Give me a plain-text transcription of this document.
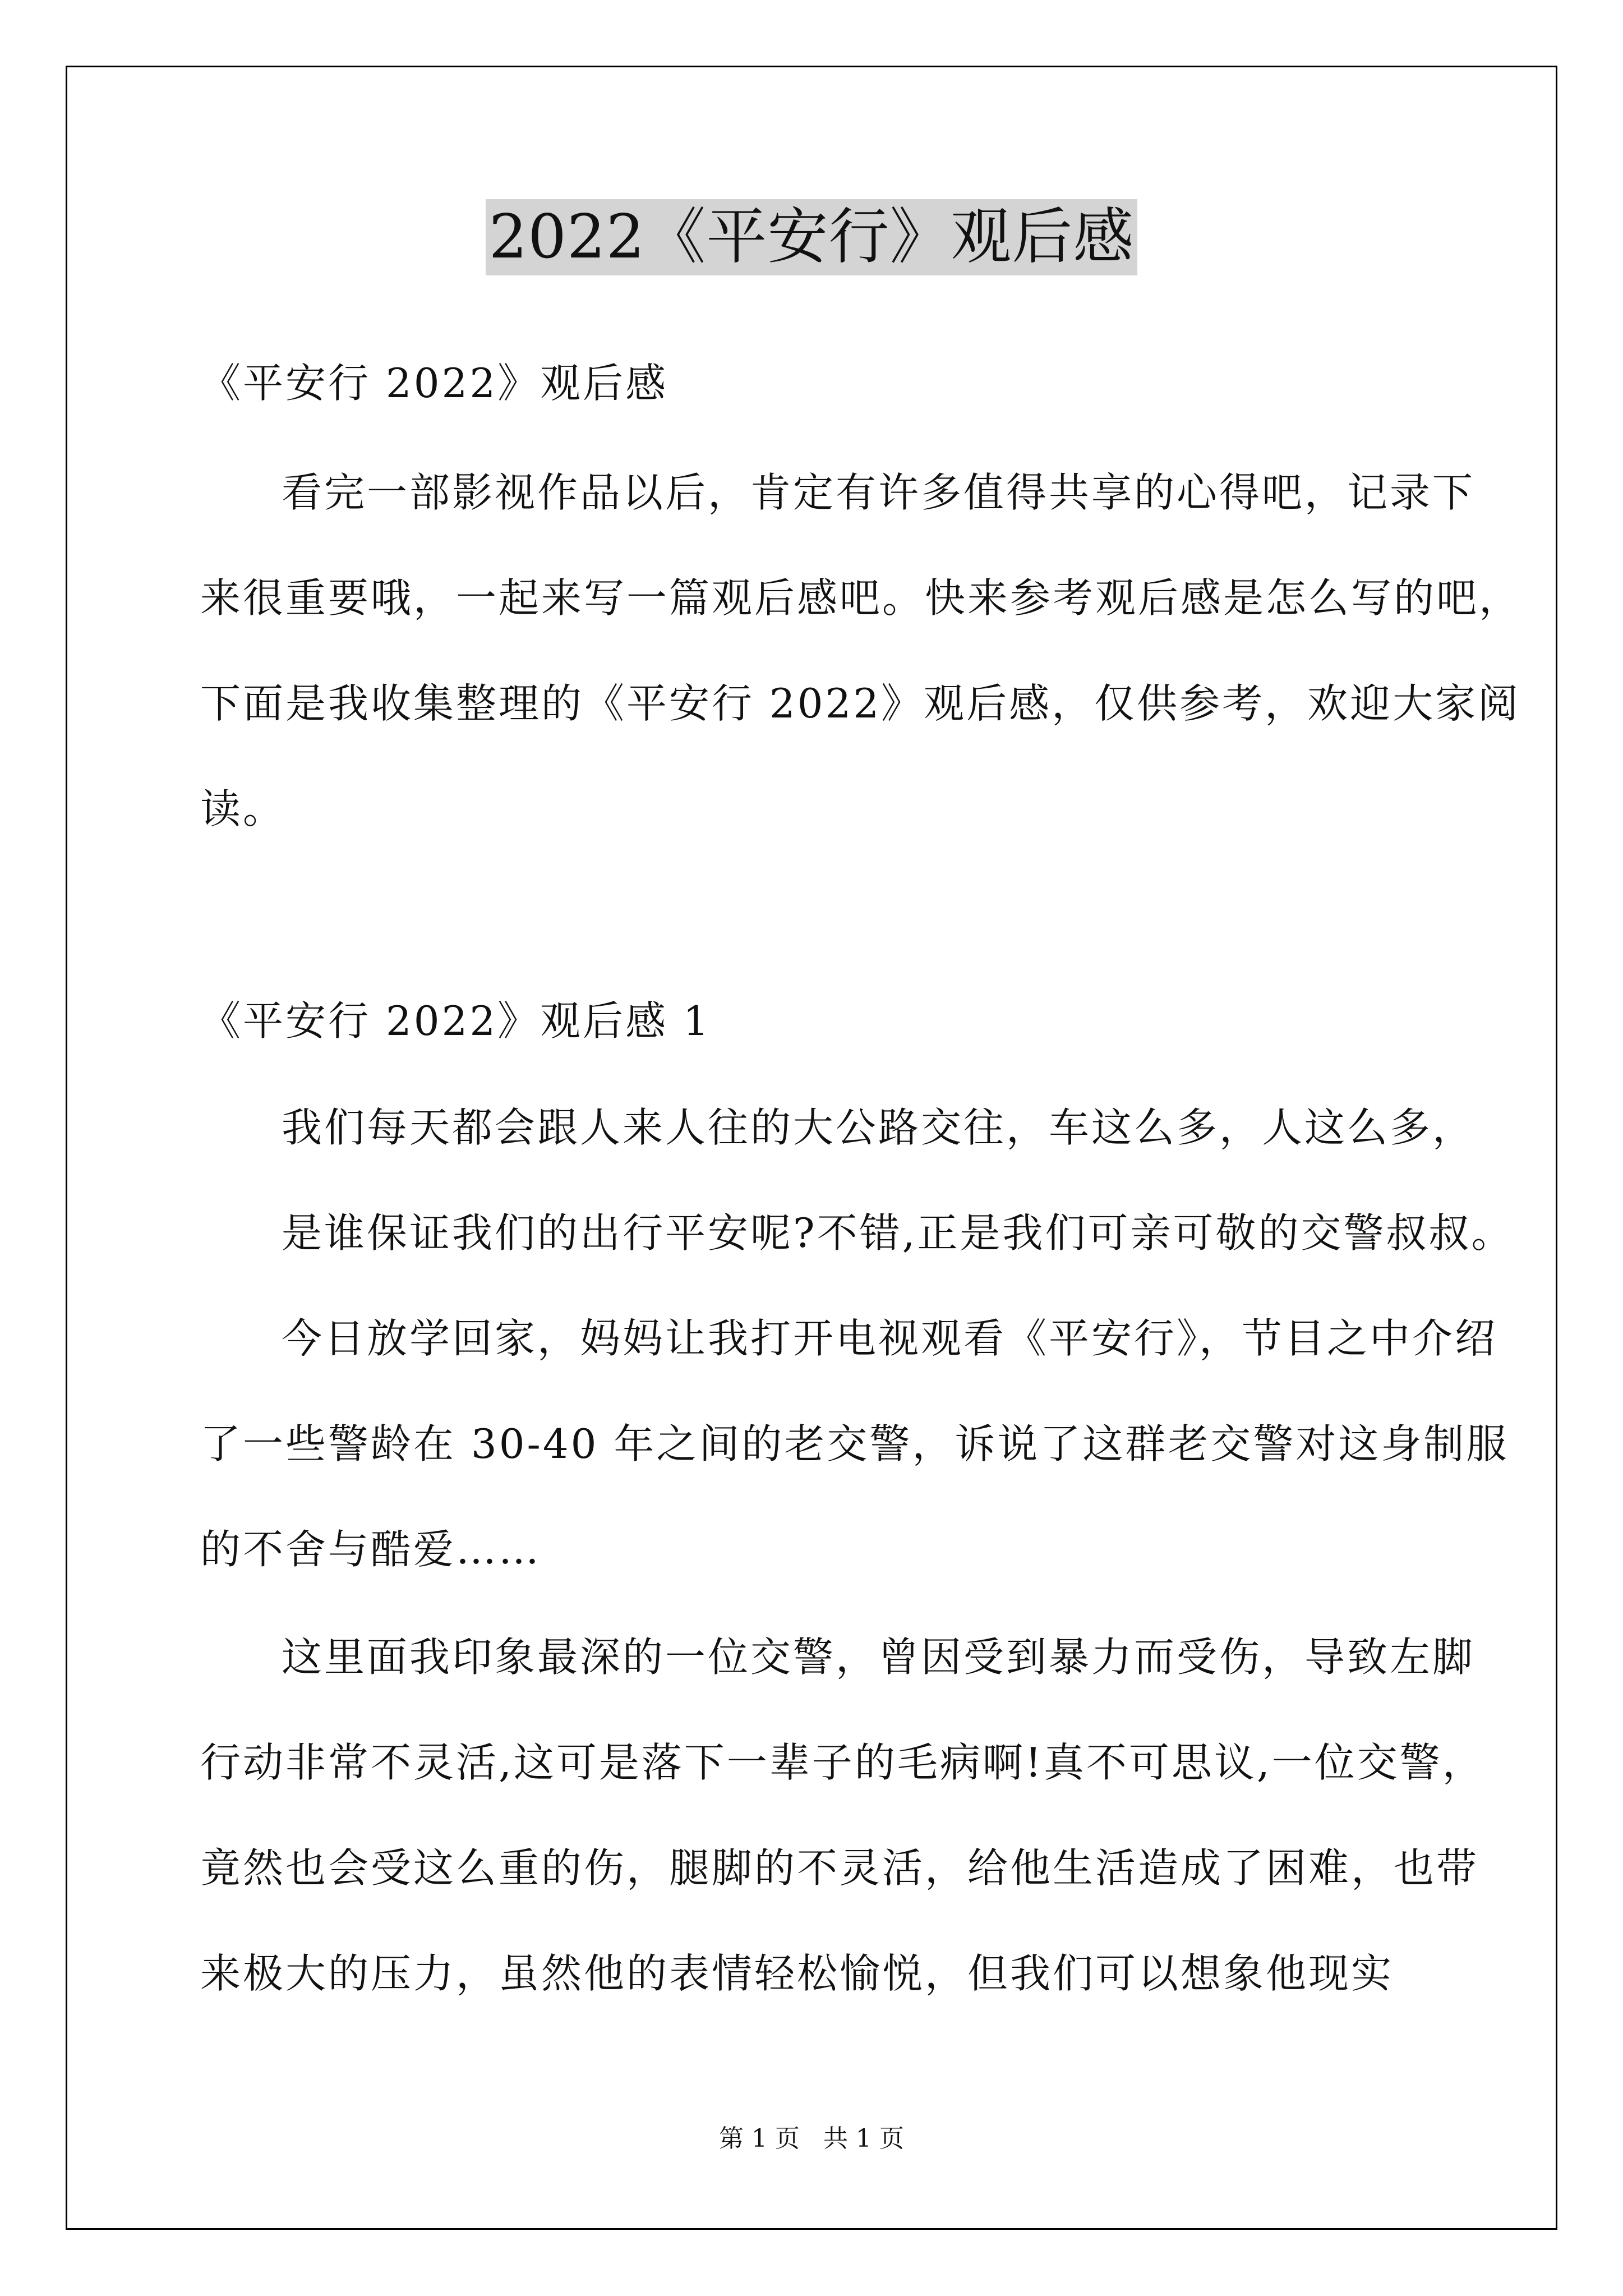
2022《平安行》观后感
《平安行 2022》观后感
看完一部影视作品以后，肯定有许多值得共享的心得吧，记录下
来很重要哦，一起来写一篇观后感吧。快来参考观后感是怎么写的吧，
下面是我收集整理的《平安行 2022》观后感，仅供参考，欢迎大家阅
读。
《平安行 2022》观后感 1
我们每天都会跟人来人往的大公路交往，车这么多，人这么多，
是谁保证我们的出行平安呢?不错,正是我们可亲可敬的交警叔叔。
今日放学回家，妈妈让我打开电视观看《平安行》，节目之中介绍
了一些警龄在 30-40 年之间的老交警，诉说了这群老交警对这身制服
的不舍与酷爱……
这里面我印象最深的一位交警，曾因受到暴力而受伤，导致左脚
行动非常不灵活,这可是落下一辈子的毛病啊!真不可思议,一位交警，
竟然也会受这么重的伤，腿脚的不灵活，给他生活造成了困难，也带
来极大的压力，虽然他的表情轻松愉悦，但我们可以想象他现实
第 1 页   共 1 页
